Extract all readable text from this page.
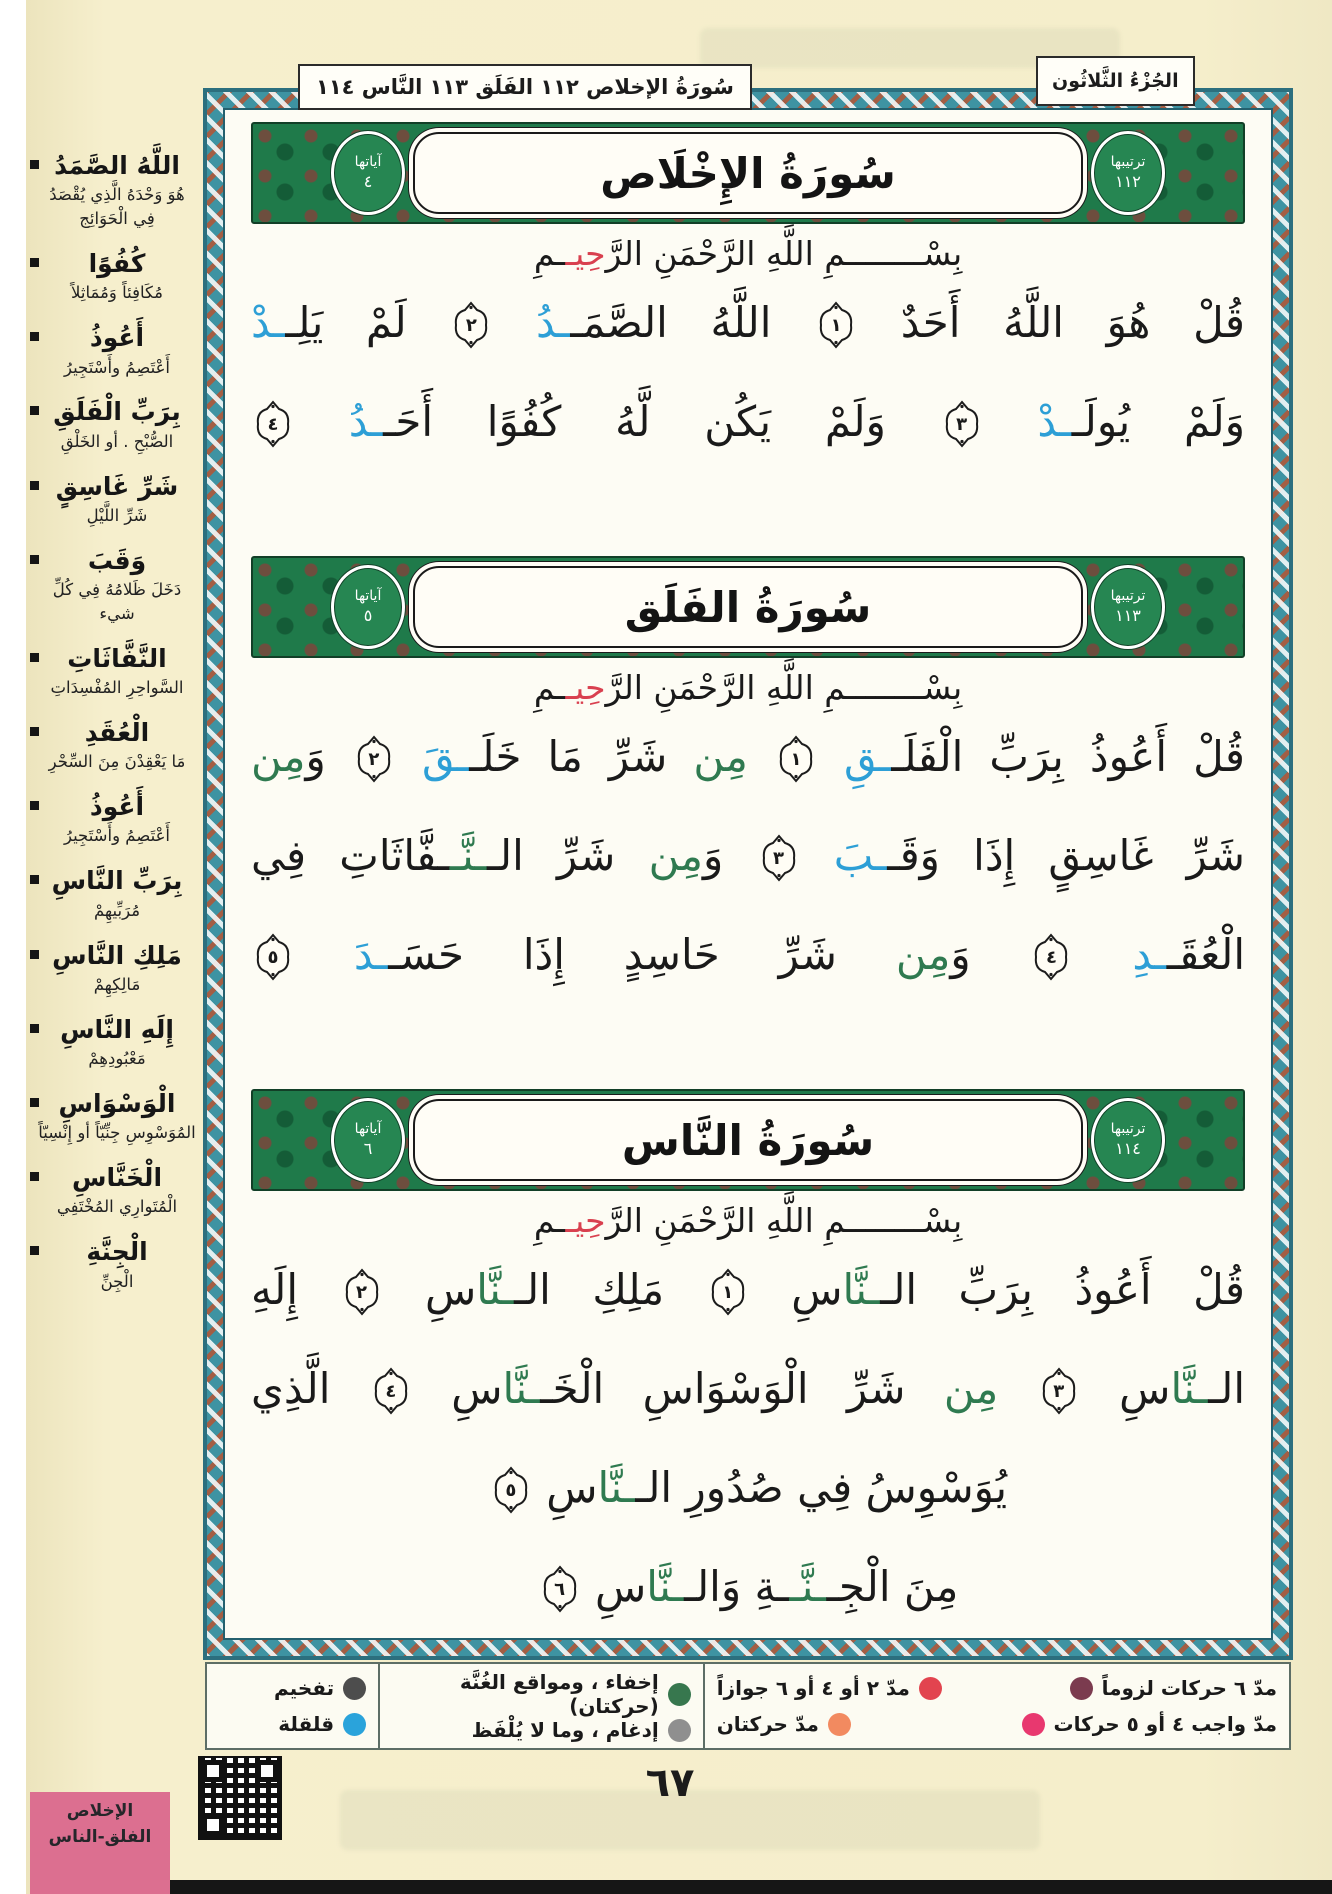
اللَّهُ الصَّمَدُ
هُوَ وَحْدَهُ الَّذِي يُقْصَدُ فِي الْحَوَائِج
كُفُوًا
مُكَافِئاً وَمُمَاثِلاً
أَعُوذُ
أَعْتَصِمُ وأَسْتَجِيرُ
بِرَبِّ الْفَلَقِ
الصُّبْحِ . أو الخَلْقِ
شَرِّ غَاسِقٍ
شَرِّ اللَّيْلِ
وَقَبَ
دَخَلَ ظَلامُهُ فِي كُلِّ شيء
النَّفَّاثَاتِ
السَّواحِرِ المُفْسِدَاتِ
الْعُقَدِ
مَا يَعْقِدْنَ مِنَ السِّحْرِ
أَعُوذُ
أَعْتَصِمُ وأَسْتَجِيرُ
بِرَبِّ النَّاسِ
مُرَبِّيهِمْ
مَلِكِ النَّاسِ
مَالِكِهِمْ
إِلَهِ النَّاسِ
مَعْبُودِهِمْ
الْوَسْوَاسِ
المُوَسْوِسِ جِنِّيّاً أو إِنْسِيّاً
الْخَنَّاسِ
الْمُتَوارِي المُخْتَفِي
الْجِنَّةِ
الْجِنِّ
ترتيبها
١١٢
سُورَةُ الإِخْلَاص
آياتها
٤
بِسْــــــــمِ اللَّهِ الرَّحْمَنِ الرَّحِيــمِ
قُلْ هُوَ اللَّهُ أَحَدٌ
١
اللَّهُ الصَّمَــدُ
٢
لَمْ يَلِــدْ
وَلَمْ يُولَــدْ
٣
وَلَمْ يَكُن لَّهُ كُفُوًا أَحَــدُ
٤
ترتيبها
١١٣
سُورَةُ الفَلَق
آياتها
٥
بِسْــــــــمِ اللَّهِ الرَّحْمَنِ الرَّحِيــمِ
قُلْ أَعُوذُ بِرَبِّ الْفَلَــقِ
١
مِن شَرِّ مَا خَلَــقَ
٢
وَمِن
شَرِّ غَاسِقٍ إِذَا وَقَــبَ
٣
وَمِن شَرِّ الــنَّــفَّاثَاتِ فِي
الْعُقَــدِ
٤
وَمِن شَرِّ حَاسِدٍ إِذَا حَسَــدَ
٥
ترتيبها
١١٤
سُورَةُ النَّاس
آياتها
٦
بِسْــــــــمِ اللَّهِ الرَّحْمَنِ الرَّحِيــمِ
قُلْ أَعُوذُ بِرَبِّ الــنَّاسِ
١
مَلِكِ الــنَّاسِ
٢
إِلَهِ
الــنَّاسِ
٣
مِن شَرِّ الْوَسْوَاسِ الْخَــنَّاسِ
٤
الَّذِي
يُوَسْوِسُ فِي صُدُورِ الــنَّاسِ
٥
مِنَ الْجِــنَّــةِ وَالــنَّاسِ
٦
سُورَةُ الإخلاص ١١٢ الفَلَق ١١٣ النَّاس ١١٤	الجُزْءُ الثَّلاثُون
مدّ ٦ حركات لزوماً
مدّ ٢ أو ٤ أو ٦ جوازاً
مدّ واجب ٤ أو ٥ حركات
مدّ حركتان
إخفاء ، ومواقع الغُنَّة (حركتان)
إدغام ، وما لا يُلْفَظ
تفخيم
قلقلة
٦٧
الإخلاص
الفلق-الناس
